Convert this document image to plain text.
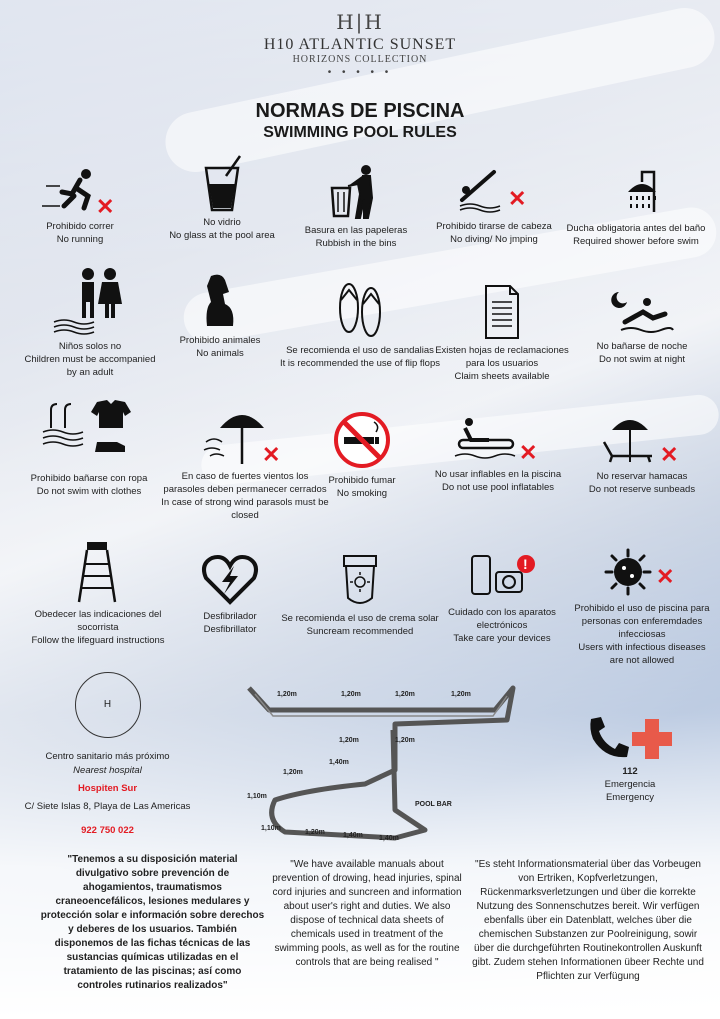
H|H
H10 ATLANTIC SUNSET
HORIZONS COLLECTION
• • • • •
NORMAS DE PISCINA
SWIMMING POOL RULES
✕
Prohibido correr
No running
No vidrio
No glass at the pool area	Basura en las papeleras
Rubbish in the bins
✕
Prohibido tirarse de cabeza
No diving/ No jmping
Ducha obligatoria antes del baño
Required shower before swim
Niños solos no
Children must be accompanied by an adult
Prohibido animales
No animals	Se recomienda el uso de sandalias
It is recommended the use of flip flops
Existen hojas de reclamaciones para los usuarios
Claim sheets available
No bañarse de noche
Do not swim at night
Prohibido bañarse con ropa
Do not swim with clothes
✕
En caso de fuertes vientos los parasoles deben permanecer cerrados
In case of strong wind parasols must be closed
Prohibido fumar
No smoking
✕
No usar inflables en la piscina
Do not use pool inflatables
✕
No reservar hamacas
Do not reserve sunbeads
Obedecer las indicaciones del socorrista
Follow the lifeguard instructions
Desfibrilador
Desfibrillator
Se recomienda el uso de crema solar
Suncream recommended
!
Cuidado con los aparatos electrónicos
Take care your devices
✕
Prohibido el uso de piscina para personas con enferemdades infecciosas
Users with infectious diseases are not allowed
H
Centro sanitario más próximo
Nearest hospital
Hospiten Sur
C/ Siete Islas 8, Playa de Las Americas
922 750 022
1,20m	1,20m	1,20m	1,20m
1,20m	1,20m
1,40m
1,20m
1,10m
1,10m
1,20m	1,40m 1,40m
POOL BAR
112
Emergencia
Emergency
"Tenemos a su disposición material divulgativo sobre prevención de ahogamientos, traumatismos craneoencefálicos, lesiones medulares y protección solar e información sobre derechos y deberes de los usuarios. También disponemos de las fichas técnicas de las sustancias químicas utilizadas en el tratamiento de las piscinas; así como controles rutinarios realizados"
"We have available manuals about prevention of drowing, head injuries, spinal cord injuries and suncreen and information about user's right and duties. We also dispose of technical data sheets of chemicals used in treatment of the swimming pools, as well as for the routine controls that are being realised "
"Es steht Informationsmaterial über das Vorbeugen von Ertriken, Kopfverletzungen, Rückenmarksverletzungen und über die korrekte Nutzung des Sonnenschutzes bereit. Wir verfügen ebenfalls über ein Datenblatt, welches über die chemischen Substanzen zur Poolreinigung, sowir über die durchgeführten Routinekontrollen Auskunft gibt. Zudem stehen Informationen übeer Rechte und Pflichten zur Verfügung
